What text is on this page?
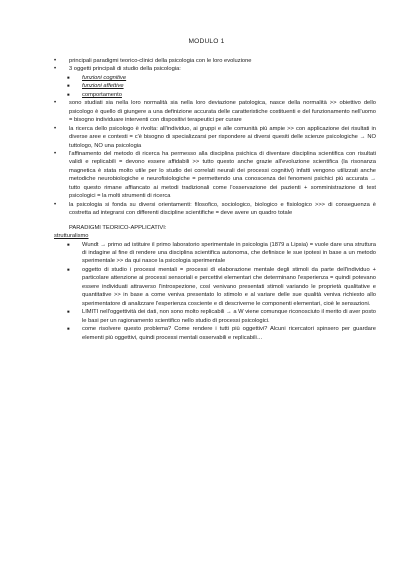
MODULO 1
• principali paradigmi teorico-clinici della psicologia con le loro evoluzione
• 3 oggetti principali di studio della psicologia:
■ funzioni cognitive
■ funzioni affettive
■ comportamento
• sono studiati sia nella loro normalità sia nella loro deviazione patologica, nasce della normalità >> obiettivo dello psicologo è quello di giungere a una definizione accurata delle caratteristiche costituenti e del funzionamento nell'uomo = bisogno individuare interventi con dispositivi terapeutici per curare
• la ricerca dello psicologo è rivolta: all'individuo, ai gruppi e alle comunità più ampie >> con applicazione dei risultati in diverse aree e contesti = c'è bisogno di specializzarsi per rispondere ai diversi quesiti delle scienze psicologiche → NO tuttologo, NO una psicologia
• l'affinamento del metodo di ricerca ha permesso alla disciplina psichica di diventare disciplina scientifica con risultati validi e replicabili = devono essere affidabili >> tutto questo anche grazie all'evoluzione scientifica (la risonanza magnetica è stata molto utile per lo studio dei correlati neurali dei processi cognitivi) infatti vengono utilizzati anche metodiche neurobiologiche e neurofisiologiche = permettendo una conoscenza dei fenomeni psichici più accurata → tutto questo rimane affiancato ai metodi tradizionali come l'osservazione dei pazienti + somministrazione di test psicologici = la molti strumenti di ricerca
• la psicologia si fonda su diversi orientamenti: filosofico, sociologico, biologico e fisiologico >>> di conseguenza è costretta ad integrarsi con differenti discipline scientifiche = deve avere un quadro totale
PARADIGMI TEORICO-APPLICATIVI:
strutturalismo
■ Wundt → primo ad istituire il primo laboratorio sperimentale in psicologia (1879 a Lipsia) = vuole dare una struttura di indagine al fine di rendere una disciplina scientifica autonoma, che definisce le sue ipotesi in base a un metodo sperimentale >> da qui nasce la psicologia sperimentale
■ oggetto di studio i processi mentali = processi di elaborazione mentale degli stimoli da parte dell'individuo + particolare attenzione ai processi sensoriali e percettivi elementari che determinano l'esperienza = quindi potevano essere individuati attraverso l'introspezione, così venivano presentati stimoli variando le proprietà qualitative e quantitative >> in base a come veniva presentato lo stimolo e al variare delle sue qualità veniva richiesto allo sperimentatore di analizzare l'esperienza cosciente e di descriverne le componenti elementari, cioè le sensazioni.
■ LIMITI nell'oggettività dei dati, non sono molto replicabili → a W viene comunque riconosciuto il merito di aver posto le basi per un ragionamento scientifico nello studio di processi psicologici.
■ come risolvere questo problema? Come rendere i tutti più oggettivi? Alcuni ricercatori spinsero per guardare elementi più oggettivi, quindi processi mentali osservabili e replicabili…
